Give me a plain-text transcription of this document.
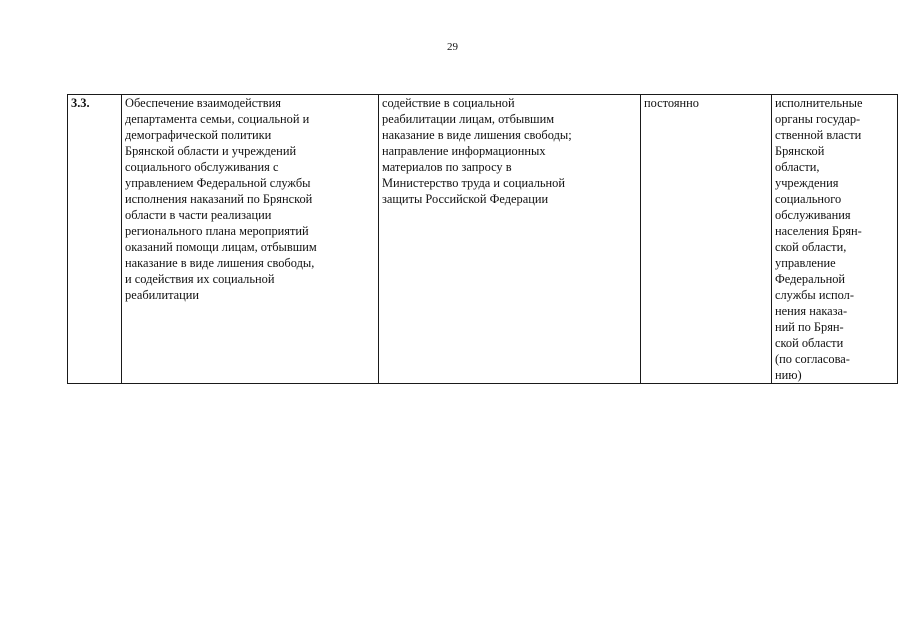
29
3.3.	Обеспечение взаимодействия
департамента семьи, социальной и
демографической политики
Брянской области и учреждений
социального обслуживания с
управлением Федеральной службы
исполнения наказаний по Брянской
области в части реализации
регионального плана мероприятий
оказаний помощи лицам, отбывшим
наказание в виде лишения свободы,
и содействия их социальной
реабилитации	содействие в социальной
реабилитации лицам, отбывшим
наказание в виде лишения свободы;
направление информационных
материалов по запросу в
Министерство труда и социальной
защиты Российской Федерации	постоянно	исполнительные
органы государ-
ственной власти
Брянской
области,
учреждения
социального
обслуживания
населения Брян-
ской области,
управление
Федеральной
службы испол-
нения наказа-
ний по Брян-
ской области
(по согласова-
нию)
